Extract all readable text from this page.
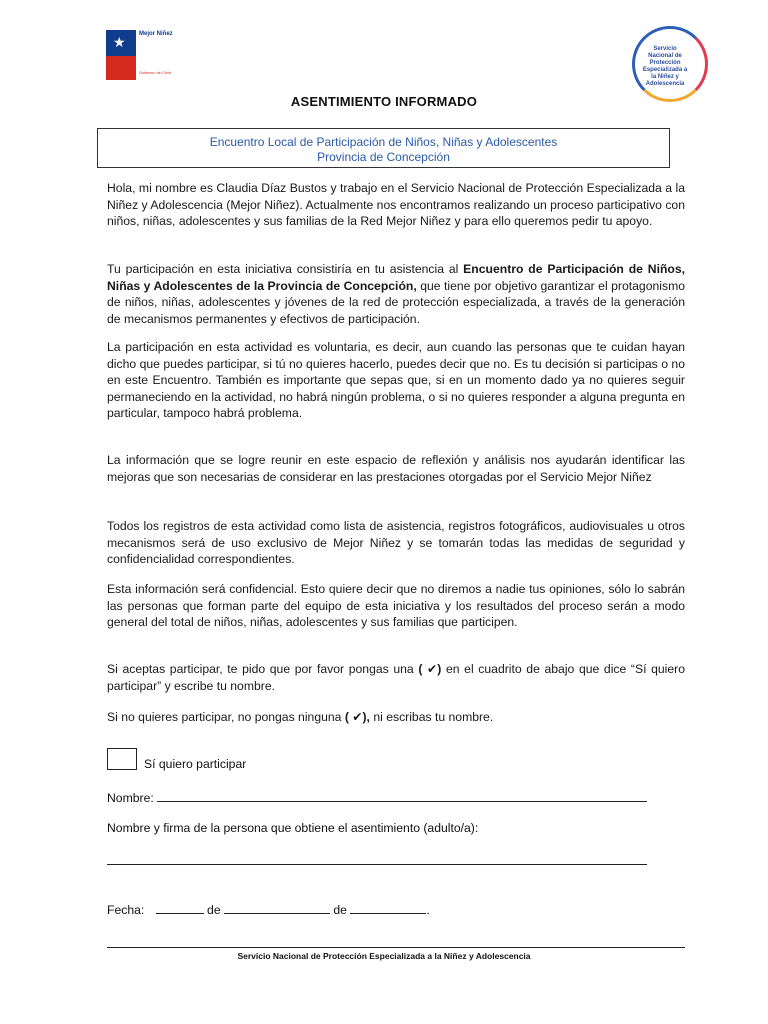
★ Mejor Niñez
Gobierno de Chile
Servicio Nacional de Protección Especializada a la Niñez y Adolescencia
ASENTIMIENTO INFORMADO
Encuentro Local de Participación de Niños, Niñas y Adolescentes
Provincia de Concepción
Hola, mi nombre es Claudia Díaz Bustos y trabajo en el Servicio Nacional de Protección Especializada a la Niñez y Adolescencia (Mejor Niñez). Actualmente nos encontramos realizando un proceso participativo con niños, niñas, adolescentes y sus familias de la Red Mejor Niñez y para ello queremos pedir tu apoyo.
Tu participación en esta iniciativa consistiría en tu asistencia al Encuentro de Participación de Niños, Niñas y Adolescentes de la Provincia de Concepción, que tiene por objetivo garantizar el protagonismo de niños, niñas, adolescentes y jóvenes de la red de protección especializada, a través de la generación de mecanismos permanentes y efectivos de participación.
La participación en esta actividad es voluntaria, es decir, aun cuando las personas que te cuidan hayan dicho que puedes participar, si tú no quieres hacerlo, puedes decir que no. Es tu decisión si participas o no en este Encuentro. También es importante que sepas que, si en un momento dado ya no quieres seguir permaneciendo en la actividad, no habrá ningún problema, o si no quieres responder a alguna pregunta en particular, tampoco habrá problema.
La información que se logre reunir en este espacio de reflexión y análisis nos ayudarán identificar las mejoras que son necesarias de considerar en las prestaciones otorgadas por el Servicio Mejor Niñez
Todos los registros de esta actividad como lista de asistencia, registros fotográficos, audiovisuales u otros mecanismos será de uso exclusivo de Mejor Niñez y se tomarán todas las medidas de seguridad y confidencialidad correspondientes.
Esta información será confidencial. Esto quiere decir que no diremos a nadie tus opiniones, sólo lo sabrán las personas que forman parte del equipo de esta iniciativa y los resultados del proceso serán a modo general del total de niños, niñas, adolescentes y sus familias que participen.
Si aceptas participar, te pido que por favor pongas una ( ✔) en el cuadrito de abajo que dice “Sí quiero participar” y escribe tu nombre.
Si no quieres participar, no pongas ninguna ( ✔), ni escribas tu nombre.
Sí quiero participar
Nombre:
Nombre y firma de la persona que obtiene el asentimiento (adulto/a):
Fecha:	de	de	.
Servicio Nacional de Protección Especializada a la Niñez y Adolescencia
